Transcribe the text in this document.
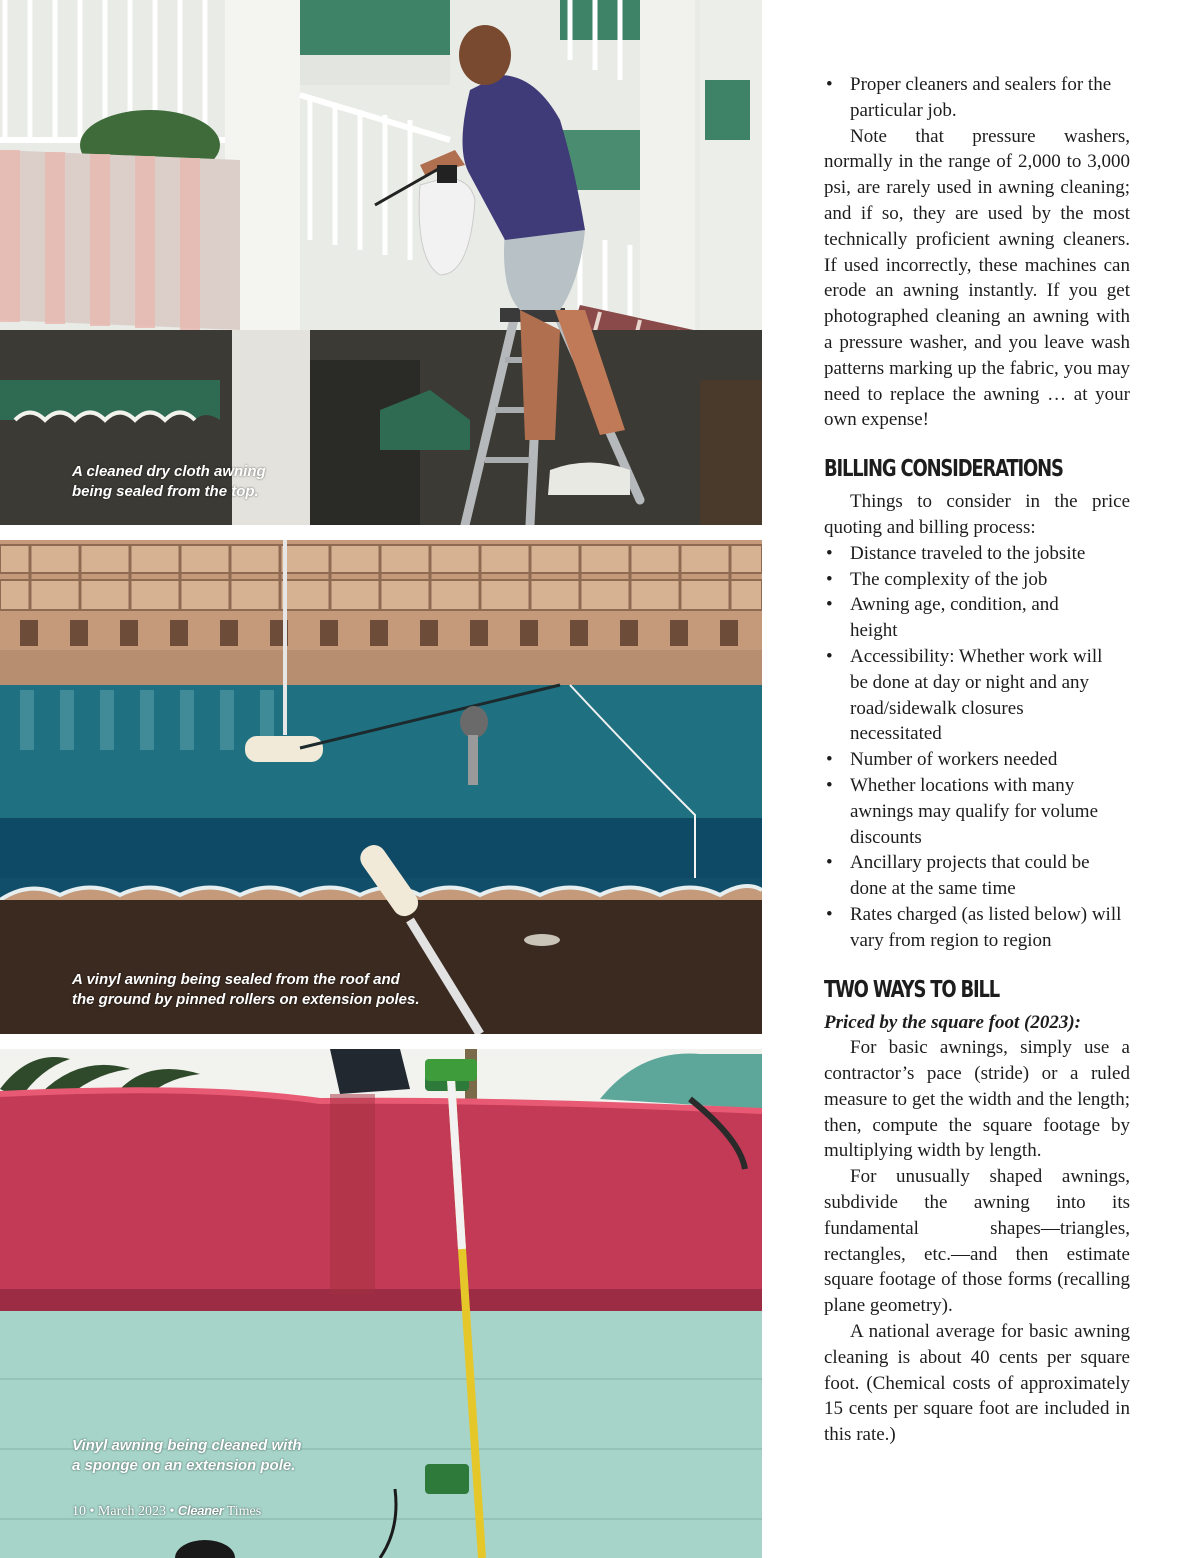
A cleaned dry cloth awning
being sealed from the top.
A vinyl awning being sealed from the roof and
the ground by pinned rollers on extension poles.
Vinyl awning being cleaned with
a sponge on an extension pole.
10 • March 2023 • Cleaner Times
• Proper cleaners and sealers for the particular job.

Note that pressure washers, normally in the range of 2,000 to 3,000 psi, are rarely used in awning cleaning; and if so, they are used by the most technically proficient awning cleaners. If used incorrectly, these machines can erode an awning instantly. If you get photographed cleaning an awning with a pressure washer, and you leave wash patterns marking up the fabric, you may need to replace the awning … at your own expense!

BILLING CONSIDERATIONS

Things to consider in the price quoting and billing process:

• Distance traveled to the jobsite
• The complexity of the job
• Awning age, condition, and height
• Accessibility: Whether work will be done at day or night and any road/sidewalk closures necessitated
• Number of workers needed
• Whether locations with many awnings may qualify for volume discounts
• Ancillary projects that could be done at the same time
• Rates charged (as listed below) will vary from region to region
TWO WAYS TO BILL

Priced by the square foot (2023):

For basic awnings, simply use a contractor’s pace (stride) or a ruled measure to get the width and the length; then, compute the square footage by multiplying width by length.

For unusually shaped awnings, subdivide the awning into its fundamental shapes—triangles, rectangles, etc.—and then estimate square footage of those forms (recalling plane geometry).

A national average for basic awning cleaning is about 40 cents per square foot. (Chemical costs of approximately 15 cents per square foot are included in this rate.)
